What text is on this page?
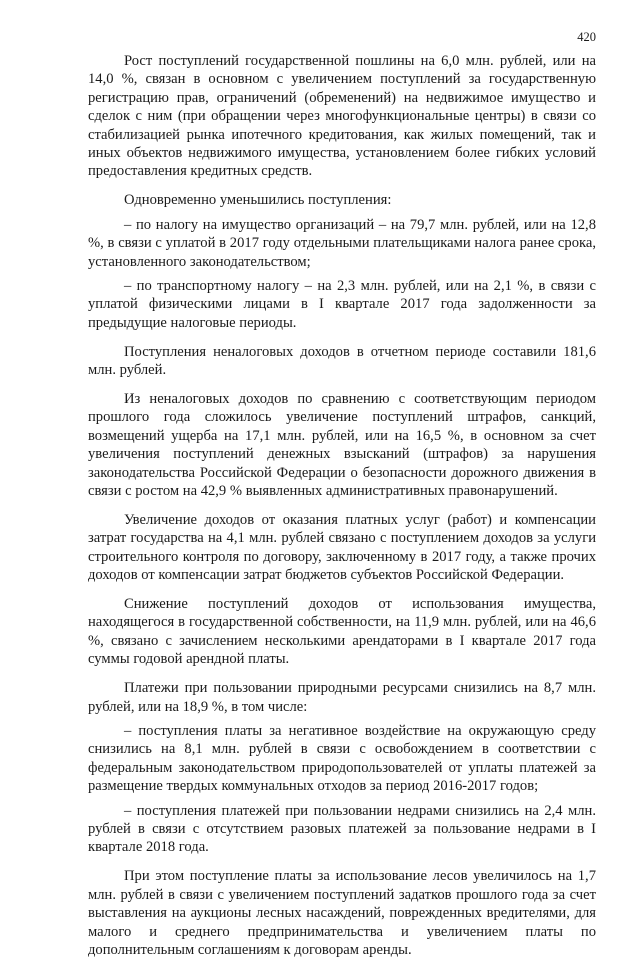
420

Рост поступлений государственной пошлины на 6,0 млн. рублей, или на 14,0 %, связан в основном с увеличением поступлений за государственную регистрацию прав, ограничений (обременений) на недвижимое имущество и сделок с ним (при обращении через многофункциональные центры) в связи со стабилизацией рынка ипотечного кредитования, как жилых помещений, так и иных объектов недвижимого имущества, установлением более гибких условий предоставления кредитных средств.

Одновременно уменьшились поступления:

– по налогу на имущество организаций – на 79,7 млн. рублей, или на 12,8 %, в связи с уплатой в 2017 году отдельными плательщиками налога ранее срока, установленного законодательством;

– по транспортному налогу – на 2,3 млн. рублей, или на 2,1 %, в связи с уплатой физическими лицами в I квартале 2017 года задолженности за предыдущие налоговые периоды.

Поступления неналоговых доходов в отчетном периоде составили 181,6 млн. рублей.

Из неналоговых доходов по сравнению с соответствующим периодом прошлого года сложилось увеличение поступлений штрафов, санкций, возмещений ущерба на 17,1 млн. рублей, или на 16,5 %, в основном за счет увеличения поступлений денежных взысканий (штрафов) за нарушения законодательства Российской Федерации о безопасности дорожного движения в связи с ростом на 42,9 % выявленных административных правонарушений.

Увеличение доходов от оказания платных услуг (работ) и компенсации затрат государства на 4,1 млн. рублей связано с поступлением доходов за услуги строительного контроля по договору, заключенному в 2017 году, а также прочих доходов от компенсации затрат бюджетов субъектов Российской Федерации.

Снижение поступлений доходов от использования имущества, находящегося в государственной собственности, на 11,9 млн. рублей, или на 46,6 %, связано с зачислением несколькими арендаторами в I квартале 2017 года суммы годовой арендной платы.

Платежи при пользовании природными ресурсами снизились на 8,7 млн. рублей, или на 18,9 %, в том числе:

– поступления платы за негативное воздействие на окружающую среду снизились на 8,1 млн. рублей в связи с освобождением в соответствии с федеральным законодательством природопользователей от уплаты платежей за размещение твердых коммунальных отходов за период 2016-2017 годов;

– поступления платежей при пользовании недрами снизились на 2,4 млн. рублей в связи с отсутствием разовых платежей за пользование недрами в I квартале 2018 года.

При этом поступление платы за использование лесов увеличилось на 1,7 млн. рублей в связи с увеличением поступлений задатков прошлого года за счет выставления на аукционы лесных насаждений, поврежденных вредителями, для малого и среднего предпринимательства и увеличением платы по дополнительным соглашениям к договорам аренды.
